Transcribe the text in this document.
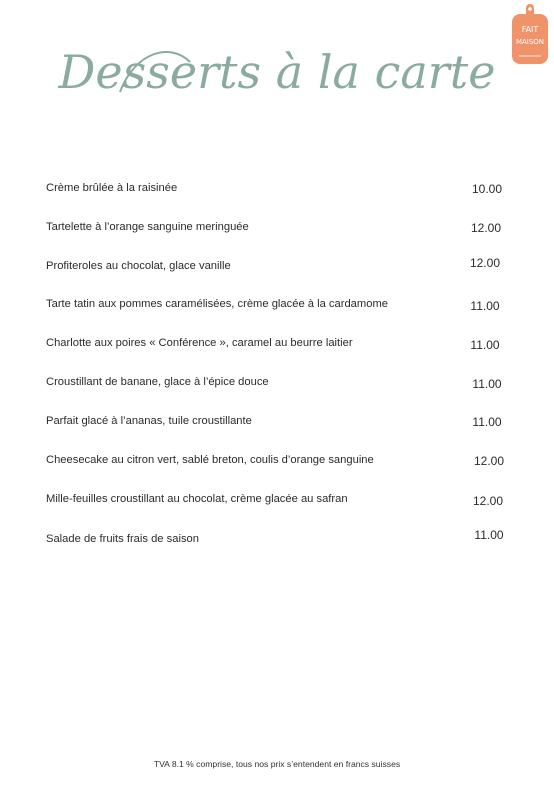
Desserts à la carte
FAIT
MAISON
Crème brûlée à la raisinée	10.00
Tartelette à l’orange sanguine meringuée	12.00
Profiteroles au chocolat, glace vanille	12.00
Tarte tatin aux pommes caramélisées, crème glacée à la cardamome	11.00
Charlotte aux poires « Conférence », caramel au beurre laitier	11.00
Croustillant de banane, glace à l’épice douce	11.00
Parfait glacé à l’ananas, tuile croustillante	11.00
Cheesecake au citron vert, sablé breton, coulis d’orange sanguine	12.00
Mille-feuilles croustillant au chocolat, crème glacée au safran	12.00
Salade de fruits frais de saison	11.00
TVA 8.1 % comprise, tous nos prix s’entendent en francs suisses
